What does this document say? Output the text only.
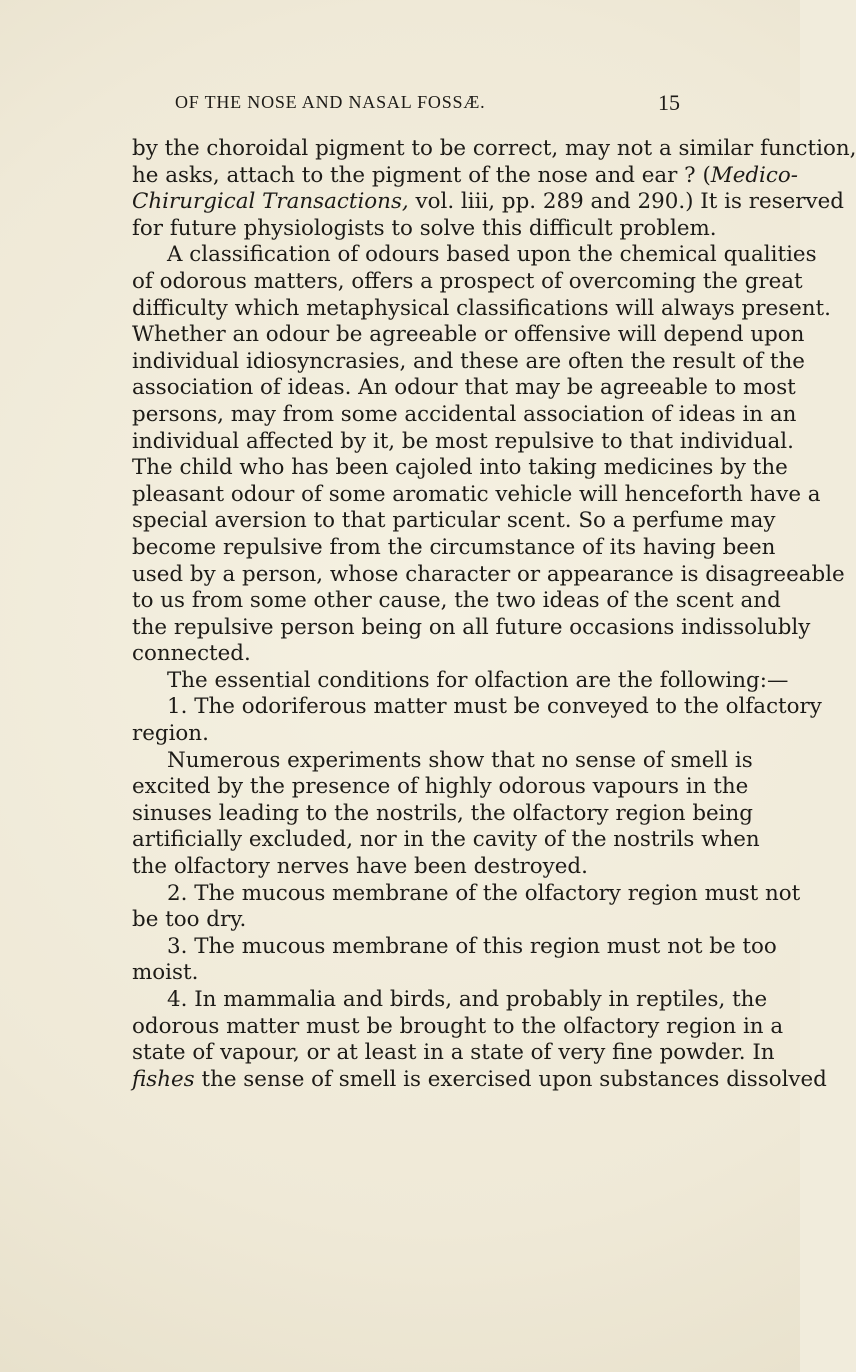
OF THE NOSE AND NASAL FOSSÆ.	15
by the choroidal pigment to be correct, may not a similar function,
he asks, attach to the pigment of the nose and ear ? (Medico-
Chirurgical Transactions, vol. liii, pp. 289 and 290.) It is reserved
for future physiologists to solve this difficult problem.
A classification of odours based upon the chemical qualities
of odorous matters, offers a prospect of overcoming the great
difficulty which metaphysical classifications will always present.
Whether an odour be agreeable or offensive will depend upon
individual idiosyncrasies, and these are often the result of the
association of ideas. An odour that may be agreeable to most
persons, may from some accidental association of ideas in an
individual affected by it, be most repulsive to that individual.
The child who has been cajoled into taking medicines by the
pleasant odour of some aromatic vehicle will henceforth have a
special aversion to that particular scent. So a perfume may
become repulsive from the circumstance of its having been
used by a person, whose character or appearance is disagreeable
to us from some other cause, the two ideas of the scent and
the repulsive person being on all future occasions indissolubly
connected.
The essential conditions for olfaction are the following:—
1. The odoriferous matter must be conveyed to the olfactory
region.
Numerous experiments show that no sense of smell is
excited by the presence of highly odorous vapours in the
sinuses leading to the nostrils, the olfactory region being
artificially excluded, nor in the cavity of the nostrils when
the olfactory nerves have been destroyed.
2. The mucous membrane of the olfactory region must not
be too dry.
3. The mucous membrane of this region must not be too
moist.
4. In mammalia and birds, and probably in reptiles, the
odorous matter must be brought to the olfactory region in a
state of vapour, or at least in a state of very fine powder. In
fishes the sense of smell is exercised upon substances dissolved
